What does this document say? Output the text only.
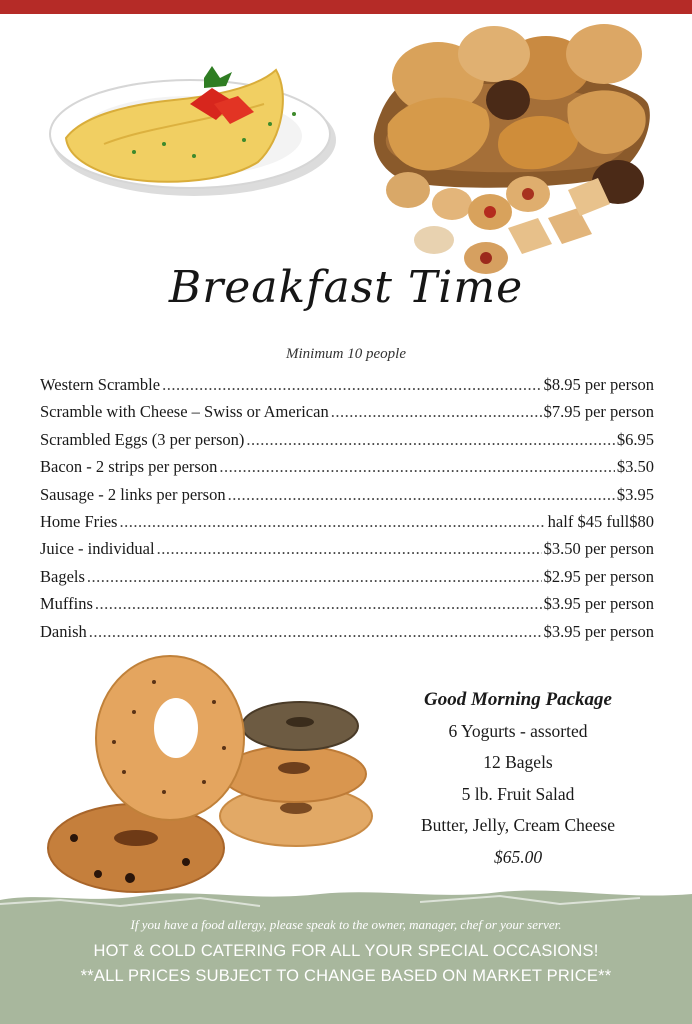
Breakfast Time
Minimum 10 people
Western Scramble .....	$8.95 per person
Scramble with Cheese – Swiss or American .....	$7.95 per person
Scrambled Eggs (3 per person) .....	$6.95
Bacon - 2 strips per person .....	$3.50
Sausage - 2 links per person .....	$3.95
Home Fries .....	half $45 full$80
Juice - individual .....	$3.50 per person
Bagels .....	$2.95 per person
Muffins .....	$3.95 per person
Danish .....	$3.95 per person
Good Morning Package
6 Yogurts - assorted
12 Bagels
5 lb. Fruit Salad
Butter, Jelly, Cream Cheese
$65.00
If you have a food allergy, please speak to the owner, manager, chef or your server.
HOT & COLD CATERING FOR ALL YOUR SPECIAL OCCASIONS!
**ALL PRICES SUBJECT TO CHANGE BASED ON MARKET PRICE**
